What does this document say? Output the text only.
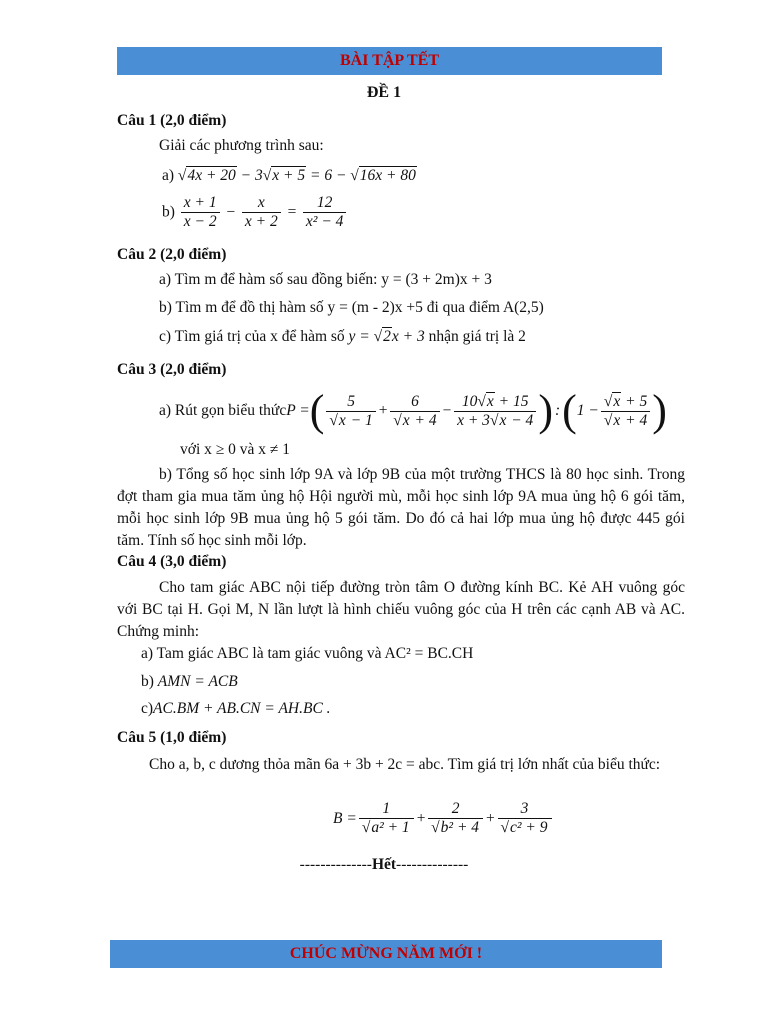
BÀI TẬP TẾT
ĐỀ 1
Câu 1 (2,0 điểm)
Giải các phương trình sau:
a) √4x + 20 − 3√x + 5 = 6 − √16x + 80
$b) \frac{x + 1}{x - 2} - \frac{x}{x + 2} = \frac{12}{\text{x² − 4}}$
Câu 2 (2,0 điểm)
a) Tìm m để hàm số sau đồng biến: y = (3 + 2m)x + 3
b) Tìm m để đồ thị hàm số y = (m - 2)x +5 đi qua điểm A(2,5)
c) Tìm giá trị của x để hàm số y = √2x + 3 nhận giá trị là 2
Câu 3 (2,0 điểm)
a) Rút gọn biểu thức P = ( $\frac{5}{√x - 1} + \frac{6}{√x + 4} - \frac{10√x + 15}{x + 3√x - 4}$ ) : ( $1 - \frac{√x + 5}{√x + 4}$ )
với x ≥ 0 và x ≠ 1
b) Tổng số học sinh lớp 9A và lớp 9B của một trường THCS là 80 học sinh. Trong đợt tham gia mua tăm ủng hộ Hội người mù, mỗi học sinh lớp 9A mua ủng hộ 6 gói tăm, mỗi học sinh lớp 9B mua ủng hộ 5 gói tăm. Do đó cả hai lớp mua ủng hộ được 445 gói tăm. Tính số học sinh mỗi lớp.
Câu 4 (3,0 điểm)
Cho tam giác ABC nội tiếp đường tròn tâm O đường kính BC. Kẻ AH vuông góc với BC tại H. Gọi M, N lần lượt là hình chiếu vuông góc của H trên các cạnh AB và AC. Chứng minh:
a) Tam giác ABC là tam giác vuông và AC² = BC.CH
b) AMN = ACB
c)AC.BM + AB.CN = AH.BC .
Câu 5 (1,0 điểm)
Cho a, b, c dương thỏa mãn 6a + 3b + 2c = abc. Tìm giá trị lớn nhất của biểu thức:
$B = \frac{1}{\text{√a² + 1}} + \frac{2}{\text{√b² + 4}} + \frac{3}{\text{√c² + 9}}$
--------------Hết--------------
CHÚC MỪNG NĂM MỚI !
